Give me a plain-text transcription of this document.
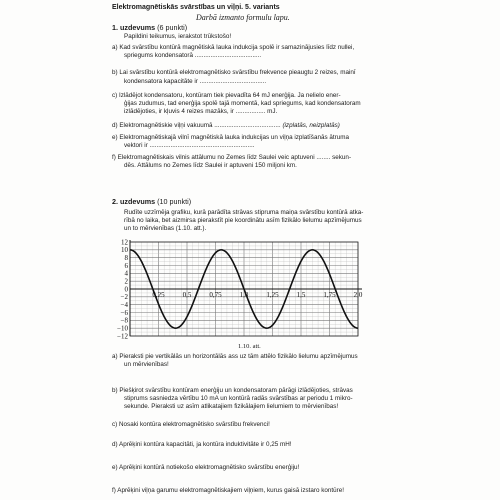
Elektromagnētiskās svārstības un viļņi. 5. variants
Darbā izmanto formulu lapu.
1. uzdevums (6 punkti)
Papildini teikumus, ierakstot trūkstošo!
a) Kad svārstību kontūrā magnētiskā lauka indukcija spolē ir samazinājusies līdz nullei,
spriegums kondensatorā ......................................
b) Lai svārstību kontūrā elektromagnētisko svārstību frekvence pieaugtu 2 reizes, mainī
kondensatora kapacitāte ir ......................................
c) Izlādējot kondensatoru, kontūram tiek pievadīta 64 mJ enerģija. Ja nelielo ener-
ģijas zudumus, tad enerģija spolē tajā momentā, kad spriegums, kad kondensatoram
izlādējoties, ir kļuvis 4 reizes mazāks, ir ................. mJ.
d) Elektromagnētiskie viļņi vakuumā ...................................... (izplatās, neizplatās)
e) Elektromagnētiskajā vilnī magnētiskā lauka indukcijas un viļņa izplatīšanās ātruma
vektori ir ............................................................
f) Elektromagnētiskais vilnis attālumu no Zemes līdz Saulei veic aptuveni ........ sekun-
dēs. Attālums no Zemes līdz Saulei ir aptuveni 150 miljoni km.
2. uzdevums (10 punkti)
Rudīte uzzīmēja grafiku, kurā parādīta strāvas stipruma maiņa svārstību kontūrā atka-
rībā no laika, bet aizmirsa pierakstīt pie koordinātu asīm fizikālo lielumu apzīmējumus
un to mērvienības (1.10. att.).
12
10
8
6
4
2
0
−2
−4
−6
−8
−10
−12
0,25	0,5	0,75	1,0	1,25	1,5	1,75	2,0
1.10. att.
a) Pieraksti pie vertikālās un horizontālās ass uz tām attēlo fizikālo lielumu apzīmējumus
un mērvienības!
b) Piešķirot svārstību kontūram enerģiju un kondensatoram pārāgi izlādējoties, strāvas
stiprums sasniedza vērtību 10 mA un kontūrā radās svārstības ar periodu 1 mikro-
sekunde. Pieraksti uz asīm atlikatajiem fizikālajiem lielumiem to mērvienības!
c) Nosaki kontūra elektromagnētisko svārstību frekvenci!
d) Aprēķini kontūra kapacitāti, ja kontūra induktivitāte ir 0,25 mH!
e) Aprēķini kontūrā notiekošo elektromagnētisko svārstību enerģiju!
f) Aprēķini viļņa garumu elektromagnētiskajiem viļņiem, kurus gaisā izstaro kontūre!
